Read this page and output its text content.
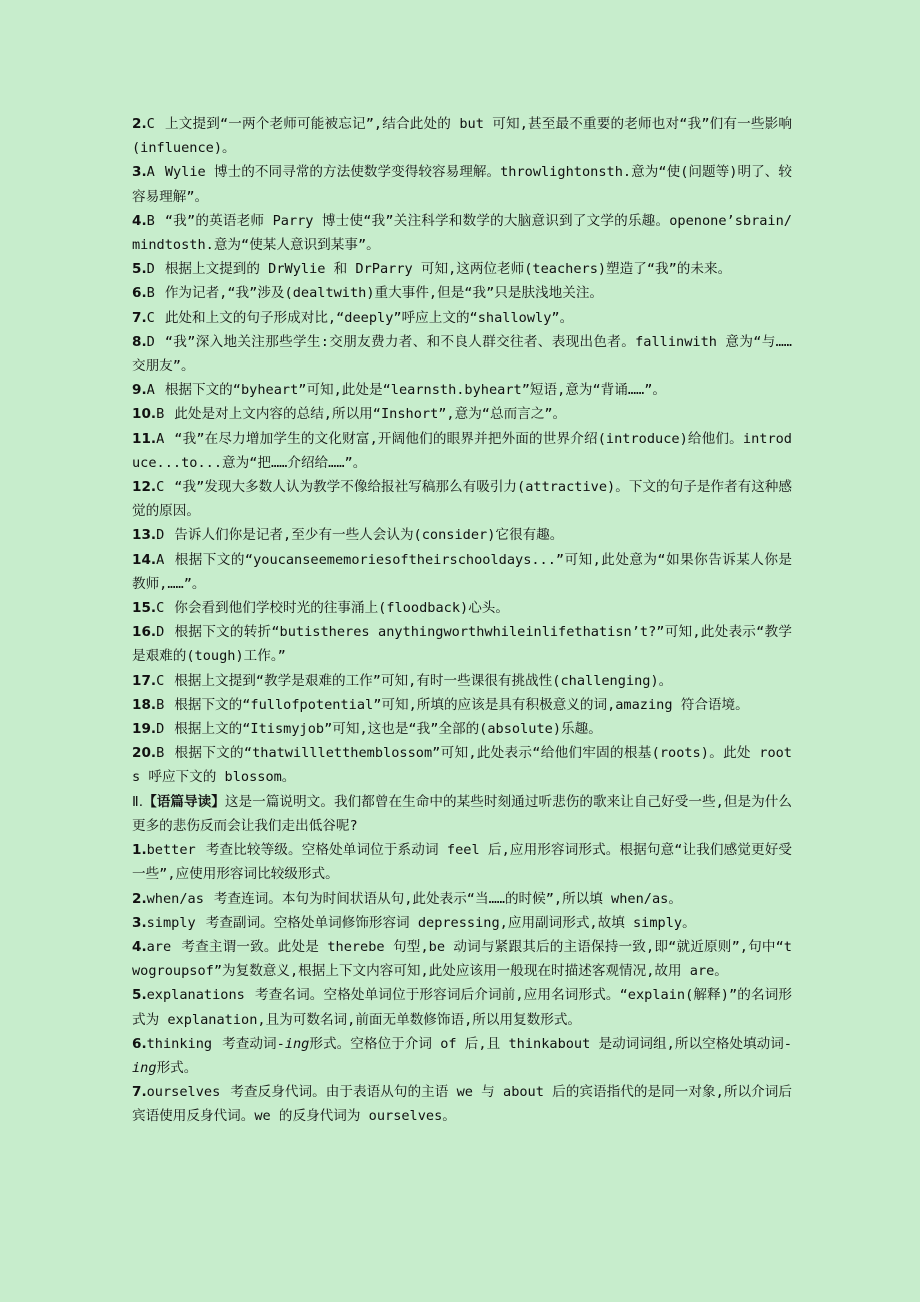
2.C 上文提到“一两个老师可能被忘记”,结合此处的 but 可知,甚至最不重要的老师也对“我”们有一些影响(influence)。

3.A Wylie 博士的不同寻常的方法使数学变得较容易理解。throwlightonsth.意为“使(问题等)明了、较容易理解”。

4.B “我”的英语老师 Parry 博士使“我”关注科学和数学的大脑意识到了文学的乐趣。openone’sbrain/mindtosth.意为“使某人意识到某事”。

5.D 根据上文提到的 DrWylie 和 DrParry 可知,这两位老师(teachers)塑造了“我”的未来。

6.B 作为记者,“我”涉及(dealtwith)重大事件,但是“我”只是肤浅地关注。

7.C 此处和上文的句子形成对比,“deeply”呼应上文的“shallowly”。

8.D “我”深入地关注那些学生:交朋友费力者、和不良人群交往者、表现出色者。fallinwith 意为“与……交朋友”。

9.A 根据下文的“byheart”可知,此处是“learnsth.byheart”短语,意为“背诵……”。

10.B 此处是对上文内容的总结,所以用“Inshort”,意为“总而言之”。

11.A “我”在尽力增加学生的文化财富,开阔他们的眼界并把外面的世界介绍(introduce)给他们。introduce...to...意为“把……介绍给……”。

12.C “我”发现大多数人认为教学不像给报社写稿那么有吸引力(attractive)。下文的句子是作者有这种感觉的原因。

13.D 告诉人们你是记者,至少有一些人会认为(consider)它很有趣。

14.A 根据下文的“youcanseememoriesoftheirschooldays...”可知,此处意为“如果你告诉某人你是教师,……”。

15.C 你会看到他们学校时光的往事涌上(floodback)心头。

16.D 根据下文的转折“butistheres anythingworthwhileinlifethatisn’t?”可知,此处表示“教学是艰难的(tough)工作。”

17.C 根据上文提到“教学是艰难的工作”可知,有时一些课很有挑战性(challenging)。

18.B 根据下文的“fullofpotential”可知,所填的应该是具有积极意义的词,amazing 符合语境。

19.D 根据上文的“Itismyjob”可知,这也是“我”全部的(absolute)乐趣。

20.B 根据下文的“thatwillletthemblossom”可知,此处表示“给他们牢固的根基(roots)。此处 roots 呼应下文的 blossom。

Ⅱ.【语篇导读】这是一篇说明文。我们都曾在生命中的某些时刻通过听悲伤的歌来让自己好受一些,但是为什么更多的悲伤反而会让我们走出低谷呢?

1.better 考查比较等级。空格处单词位于系动词 feel 后,应用形容词形式。根据句意“让我们感觉更好受一些”,应使用形容词比较级形式。

2.when/as 考查连词。本句为时间状语从句,此处表示“当……的时候”,所以填 when/as。

3.simply 考查副词。空格处单词修饰形容词 depressing,应用副词形式,故填 simply。

4.are 考查主谓一致。此处是 therebe 句型,be 动词与紧跟其后的主语保持一致,即“就近原则”,句中“twogroupsof”为复数意义,根据上下文内容可知,此处应该用一般现在时描述客观情况,故用 are。

5.explanations 考查名词。空格处单词位于形容词后介词前,应用名词形式。“explain(解释)”的名词形式为 explanation,且为可数名词,前面无单数修饰语,所以用复数形式。

6.thinking 考查动词-ing形式。空格位于介词 of 后,且 thinkabout 是动词词组,所以空格处填动词-ing形式。

7.ourselves 考查反身代词。由于表语从句的主语 we 与 about 后的宾语指代的是同一对象,所以介词后宾语使用反身代词。we 的反身代词为 ourselves。
